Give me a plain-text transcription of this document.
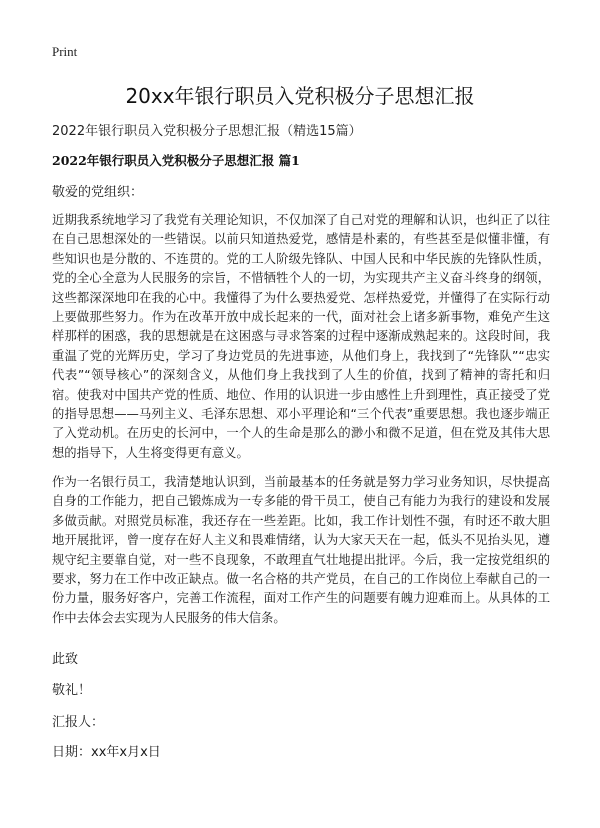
Print
20xx年银行职员入党积极分子思想汇报
2022年银行职员入党积极分子思想汇报（精选15篇）
2022年银行职员入党积极分子思想汇报 篇1
敬爱的党组织：

近期我系统地学习了我党有关理论知识，不仅加深了自己对党的理解和认识，也纠正了以往在自己思想深处的一些错误。以前只知道热爱党，感情是朴素的，有些甚至是似懂非懂，有些知识也是分散的、不连贯的。党的工人阶级先锋队、中国人民和中华民族的先锋队性质，党的全心全意为人民服务的宗旨，不惜牺牲个人的一切，为实现共产主义奋斗终身的纲领，这些都深深地印在我的心中。我懂得了为什么要热爱党、怎样热爱党，并懂得了在实际行动上要做那些努力。作为在改革开放中成长起来的一代，面对社会上诸多新事物，难免产生这样那样的困惑，我的思想就是在这困惑与寻求答案的过程中逐渐成熟起来的。这段时间，我重温了党的光辉历史，学习了身边党员的先进事迹，从他们身上，我找到了“先锋队”“忠实代表”“领导核心”的深刻含义，从他们身上我找到了人生的价值，找到了精神的寄托和归宿。使我对中国共产党的性质、地位、作用的认识进一步由感性上升到理性，真正接受了党的指导思想——马列主义、毛泽东思想、邓小平理论和“三个代表”重要思想。我也逐步端正了入党动机。在历史的长河中，一个人的生命是那么的渺小和微不足道，但在党及其伟大思想的指导下，人生将变得更有意义。

作为一名银行员工，我清楚地认识到，当前最基本的任务就是努力学习业务知识，尽快提高自身的工作能力，把自己锻炼成为一专多能的骨干员工，使自己有能力为我行的建设和发展多做贡献。对照党员标准，我还存在一些差距。比如，我工作计划性不强，有时还不敢大胆地开展批评，曾一度存在好人主义和畏难情绪，认为大家天天在一起，低头不见抬头见，遵规守纪主要靠自觉，对一些不良现象，不敢理直气壮地提出批评。今后，我一定按党组织的要求，努力在工作中改正缺点。做一名合格的共产党员，在自己的工作岗位上奉献自己的一份力量，服务好客户，完善工作流程，面对工作产生的问题要有魄力迎难而上。从具体的工作中去体会去实现为人民服务的伟大信条。

此致
敬礼！
汇报人：
日期：xx年x月x日
